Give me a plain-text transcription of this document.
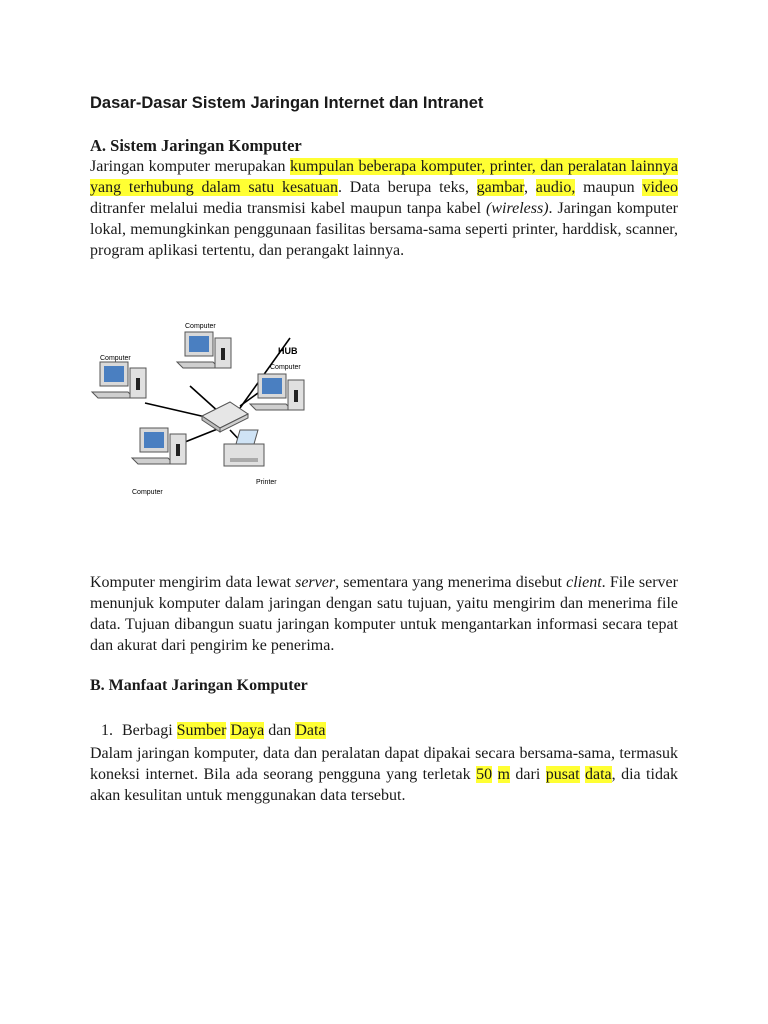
Dasar-Dasar Sistem Jaringan Internet dan Intranet
A. Sistem Jaringan Komputer

Jaringan komputer merupakan kumpulan beberapa komputer, printer, dan peralatan lainnya yang terhubung dalam satu kesatuan. Data berupa teks, gambar, audio, maupun video ditranfer melalui media transmisi kabel maupun tanpa kabel (wireless). Jaringan komputer lokal, memungkinkan penggunaan fasilitas bersama-sama seperti printer, harddisk, scanner, program aplikasi tertentu, dan perangakt lainnya.

Komputer mengirim data lewat server, sementara yang menerima disebut client. File server menunjuk komputer dalam jaringan dengan satu tujuan, yaitu mengirim dan menerima file data. Tujuan dibangun suatu jaringan komputer untuk mengantarkan informasi secara tepat dan akurat dari pengirim ke penerima.

B. Manfaat Jaringan Komputer
1. Berbagi Sumber Daya dan Data

Dalam jaringan komputer, data dan peralatan dapat dipakai secara bersama-sama, termasuk koneksi internet. Bila ada seorang pengguna yang terletak 50 m dari pusat data, dia tidak akan kesulitan untuk menggunakan data tersebut.

HUB
Computer
Computer
Computer
Computer
Printer
